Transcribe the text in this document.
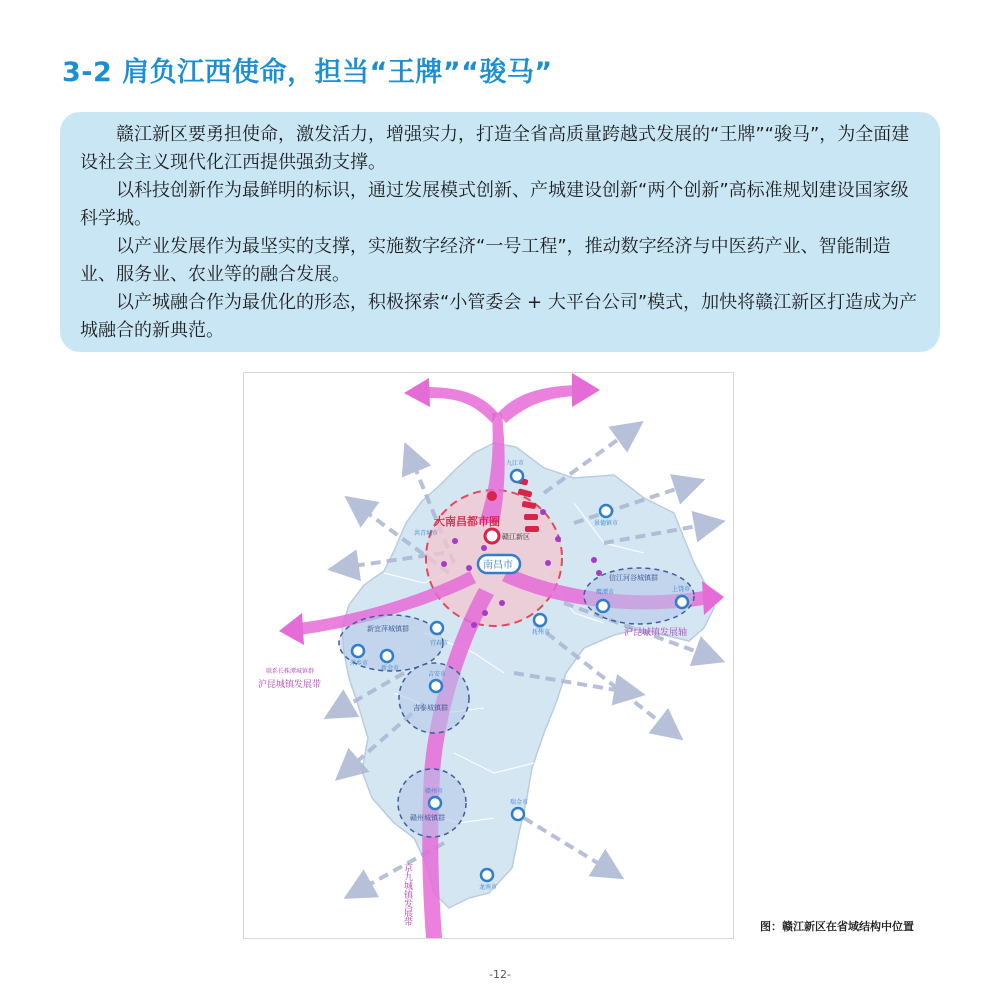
3-2 肩负江西使命，担当“王牌”“骏马”

赣江新区要勇担使命，激发活力，增强实力，打造全省高质量跨越式发展的“王牌”“骏马”，为全面建设社会主义现代化江西提供强劲支撑。

以科技创新作为最鲜明的标识，通过发展模式创新、产城建设创新“两个创新”高标准规划建设国家级科学城。

以产业发展作为最坚实的支撑，实施数字经济“一号工程”，推动数字经济与中医药产业、智能制造业、服务业、农业等的融合发展。

以产城融合作为最优化的形态，积极探索“小管委会 + 大平台公司”模式，加快将赣江新区打造成为产城融合的新典范。

大南昌都市圈
赣江新区
南昌市
九江市
景德镇市
上饶市
鹰潭市
抚州市
宜春市
新余市
萍乡市
吉安市
赣州市
瑞金市
龙南市
共青城市
新宜萍城镇群
信江河谷城镇群
吉泰城镇群
赣州城镇群
沪昆城镇发展轴
联系长株潭城镇群
沪昆城镇发展带
京九城镇发展带
图：赣江新区在省域结构中位置
-12-
